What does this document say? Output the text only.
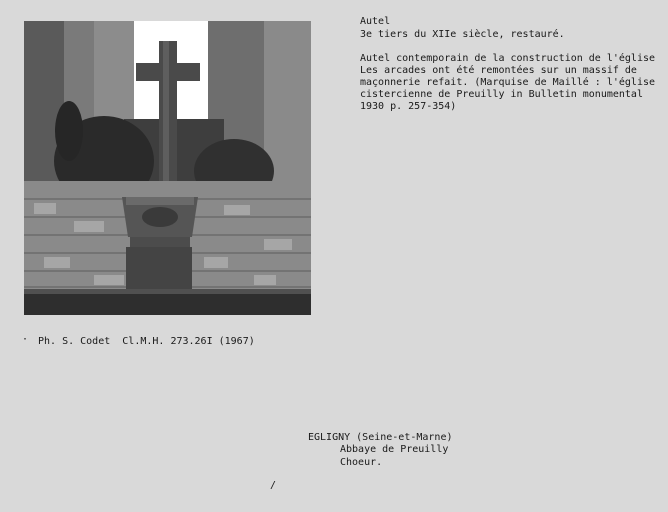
Autel
3e tiers du XIIe siècle, restauré.
Autel contemporain de la construction de l'église
Les arcades ont été remontées sur un massif de
maçonnerie refait. (Marquise de Maillé : l'église
cistercienne de Preuilly in Bulletin monumental
1930 p. 257-354)
· Ph. S. Codet  Cl.M.H. 273.26I (1967)
EGLIGNY (Seine-et-Marne)
Abbaye de Preuilly
Choeur.
/
